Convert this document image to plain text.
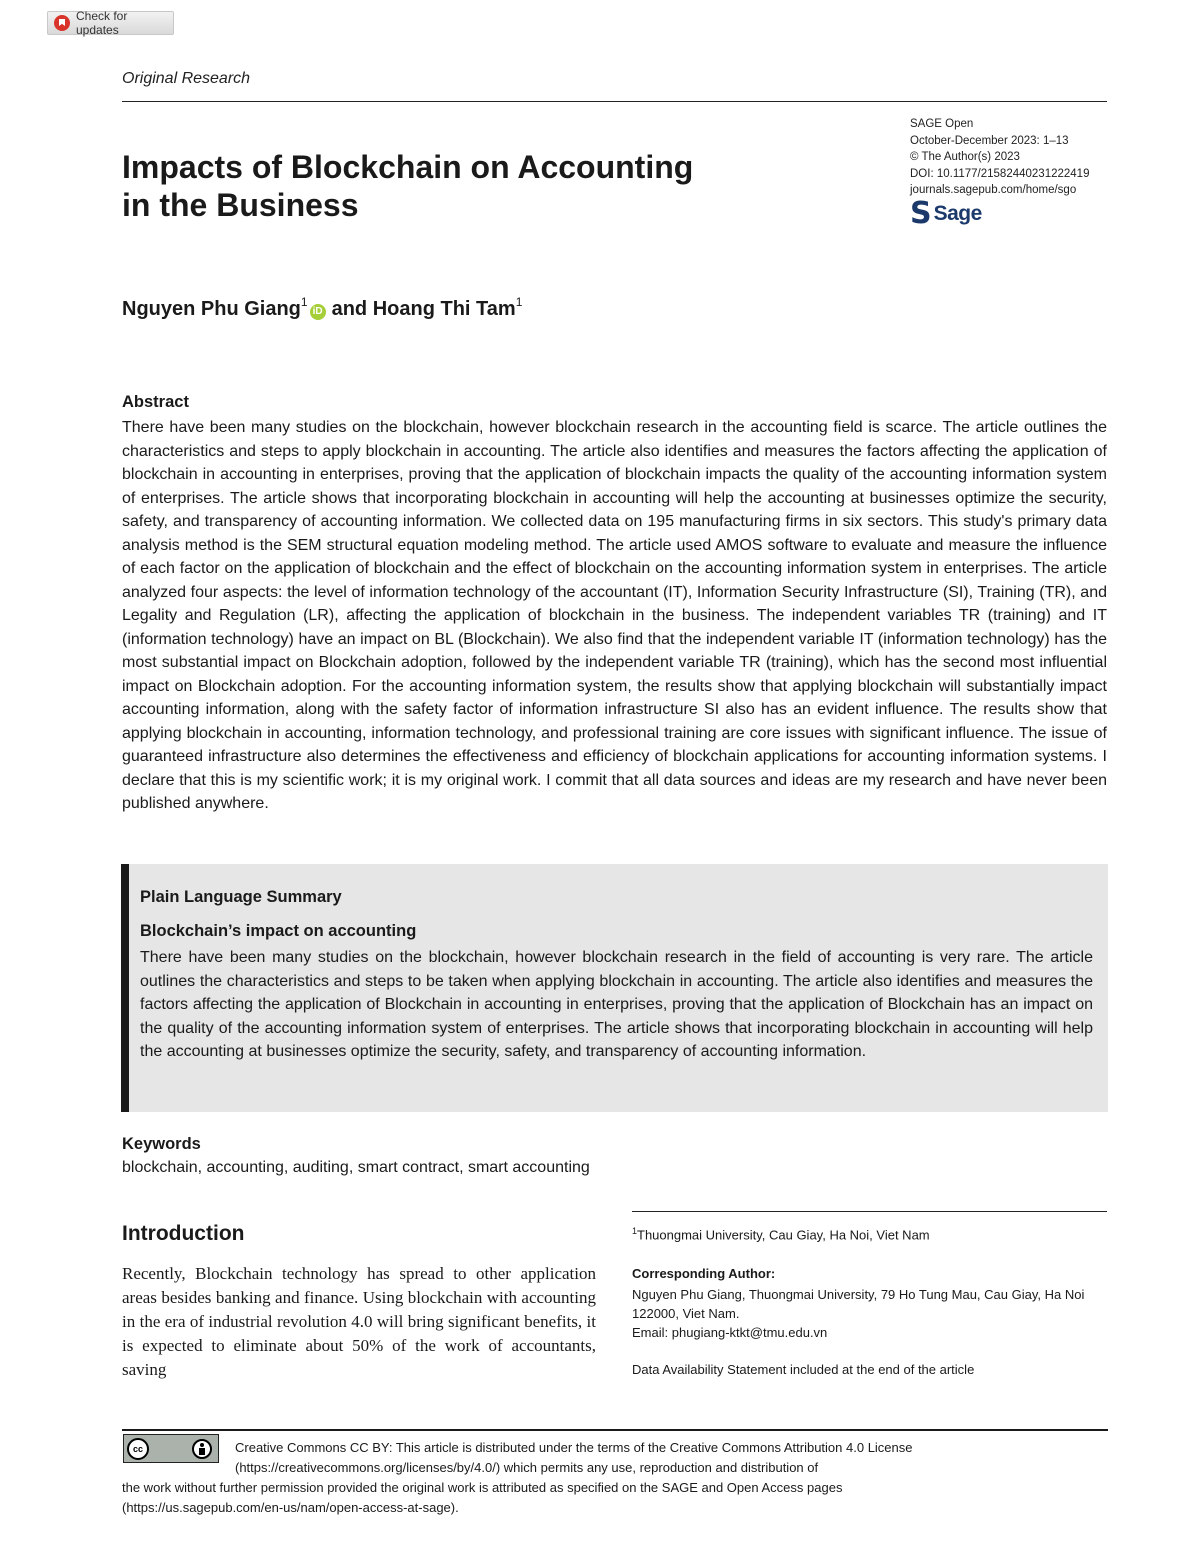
Check for updates
Original Research
Impacts of Blockchain on Accounting
in the Business
SAGE Open
October-December 2023: 1–13
© The Author(s) 2023
DOI: 10.1177/21582440231222419
journals.sagepub.com/home/sgo
S Sage
Nguyen Phu Giang$^1$iD and Hoang Thi Tam$^1$
Abstract

There have been many studies on the blockchain, however blockchain research in the accounting field is scarce. The article outlines the characteristics and steps to apply blockchain in accounting. The article also identifies and measures the factors affecting the application of blockchain in accounting in enterprises, proving that the application of blockchain impacts the quality of the accounting information system of enterprises. The article shows that incorporating blockchain in accounting will help the accounting at businesses optimize the security, safety, and transparency of accounting information. We collected data on 195 manufacturing firms in six sectors. This study's primary data analysis method is the SEM structural equation modeling method. The article used AMOS software to evaluate and measure the influence of each factor on the application of blockchain and the effect of blockchain on the accounting information system in enterprises. The article analyzed four aspects: the level of information technology of the accountant (IT), Information Security Infrastructure (SI), Training (TR), and Legality and Regulation (LR), affecting the application of blockchain in the business. The independent variables TR (training) and IT (information technology) have an impact on BL (Blockchain). We also find that the independent variable IT (information technology) has the most substantial impact on Blockchain adoption, followed by the independent variable TR (training), which has the second most influential impact on Blockchain adoption. For the accounting information system, the results show that applying blockchain will substantially impact accounting information, along with the safety factor of information infrastructure SI also has an evident influence. The results show that applying blockchain in accounting, information technology, and professional training are core issues with significant influence. The issue of guaranteed infrastructure also determines the effectiveness and efficiency of blockchain applications for accounting information systems. I declare that this is my scientific work; it is my original work. I commit that all data sources and ideas are my research and have never been published anywhere.

Plain Language Summary
Blockchain’s impact on accounting

There have been many studies on the blockchain, however blockchain research in the field of accounting is very rare. The article outlines the characteristics and steps to be taken when applying blockchain in accounting. The article also identifies and measures the factors affecting the application of Blockchain in accounting in enterprises, proving that the application of Blockchain has an impact on the quality of the accounting information system of enterprises. The article shows that incorporating blockchain in accounting will help the accounting at businesses optimize the security, safety, and transparency of accounting information.

Keywords
blockchain, accounting, auditing, smart contract, smart accounting
Introduction

Recently, Blockchain technology has spread to other application areas besides banking and finance. Using blockchain with accounting in the era of industrial revolution 4.0 will bring significant benefits, it is expected to eliminate about 50% of the work of accountants, saving

$^1$Thuongmai University, Cau Giay, Ha Noi, Viet Nam
Corresponding Author:

Nguyen Phu Giang, Thuongmai University, 79 Ho Tung Mau, Cau Giay, Ha Noi 122000, Viet Nam.
Email: phugiang-ktkt@tmu.edu.vn

Data Availability Statement included at the end of the article
cc	Creative Commons CC BY: This article is distributed under the terms of the Creative Commons Attribution 4.0 License
(https://creativecommons.org/licenses/by/4.0/) which permits any use, reproduction and distribution of
the work without further permission provided the original work is attributed as specified on the SAGE and Open Access pages
(https://us.sagepub.com/en-us/nam/open-access-at-sage).
